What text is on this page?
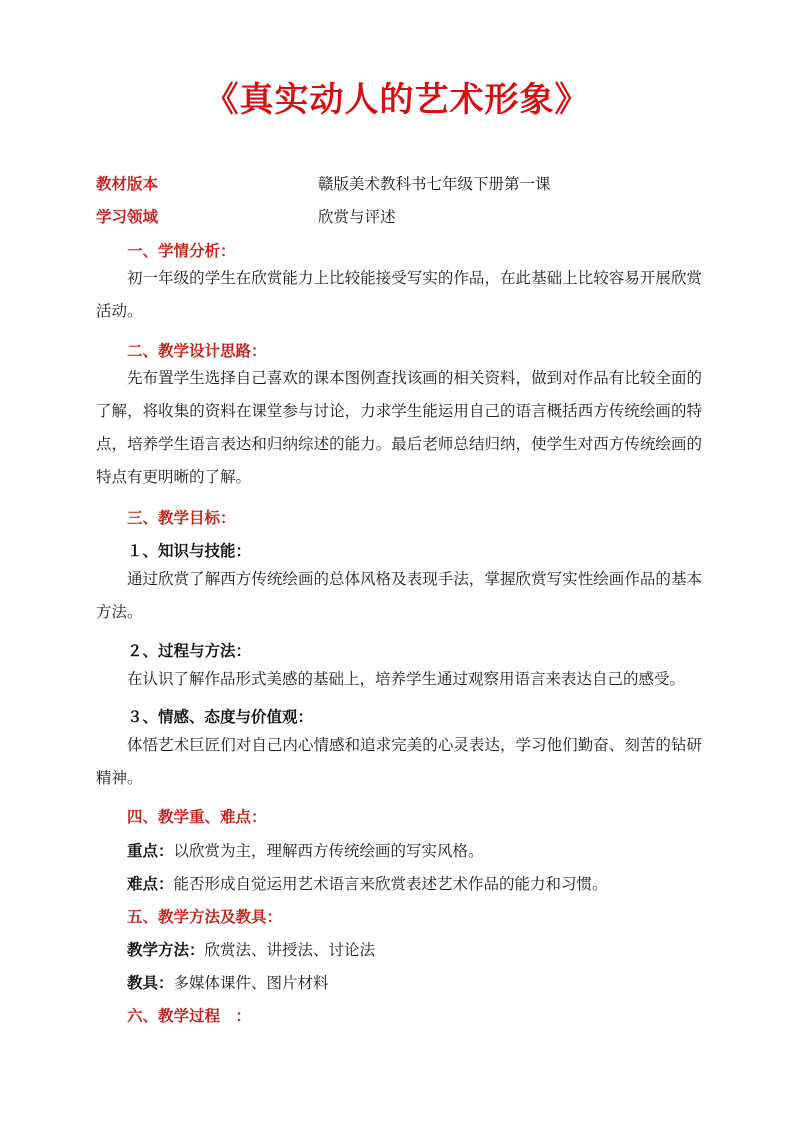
《真实动人的艺术形象》
教材版本	赣版美术教科书七年级下册第一课
学习领域	欣赏与评述
一、学情分析：
初一年级的学生在欣赏能力上比较能接受写实的作品，在此基础上比较容易开展欣赏活动。
二、教学设计思路：
先布置学生选择自己喜欢的课本图例查找该画的相关资料，做到对作品有比较全面的了解，将收集的资料在课堂参与讨论，力求学生能运用自己的语言概括西方传统绘画的特点，培养学生语言表达和归纳综述的能力。最后老师总结归纳，使学生对西方传统绘画的特点有更明晰的了解。
三、教学目标：
１、知识与技能：
通过欣赏了解西方传统绘画的总体风格及表现手法，掌握欣赏写实性绘画作品的基本方法。
２、过程与方法：
在认识了解作品形式美感的基础上，培养学生通过观察用语言来表达自己的感受。
３、情感、态度与价值观：
体悟艺术巨匠们对自己内心情感和追求完美的心灵表达，学习他们勤奋、刻苦的钻研精神。
四、教学重、难点：
重点：以欣赏为主，理解西方传统绘画的写实风格。
难点：能否形成自觉运用艺术语言来欣赏表述艺术作品的能力和习惯。
五、教学方法及教具：
教学方法：欣赏法、讲授法、讨论法
教具：多媒体课件、图片材料
六、教学过程　：
